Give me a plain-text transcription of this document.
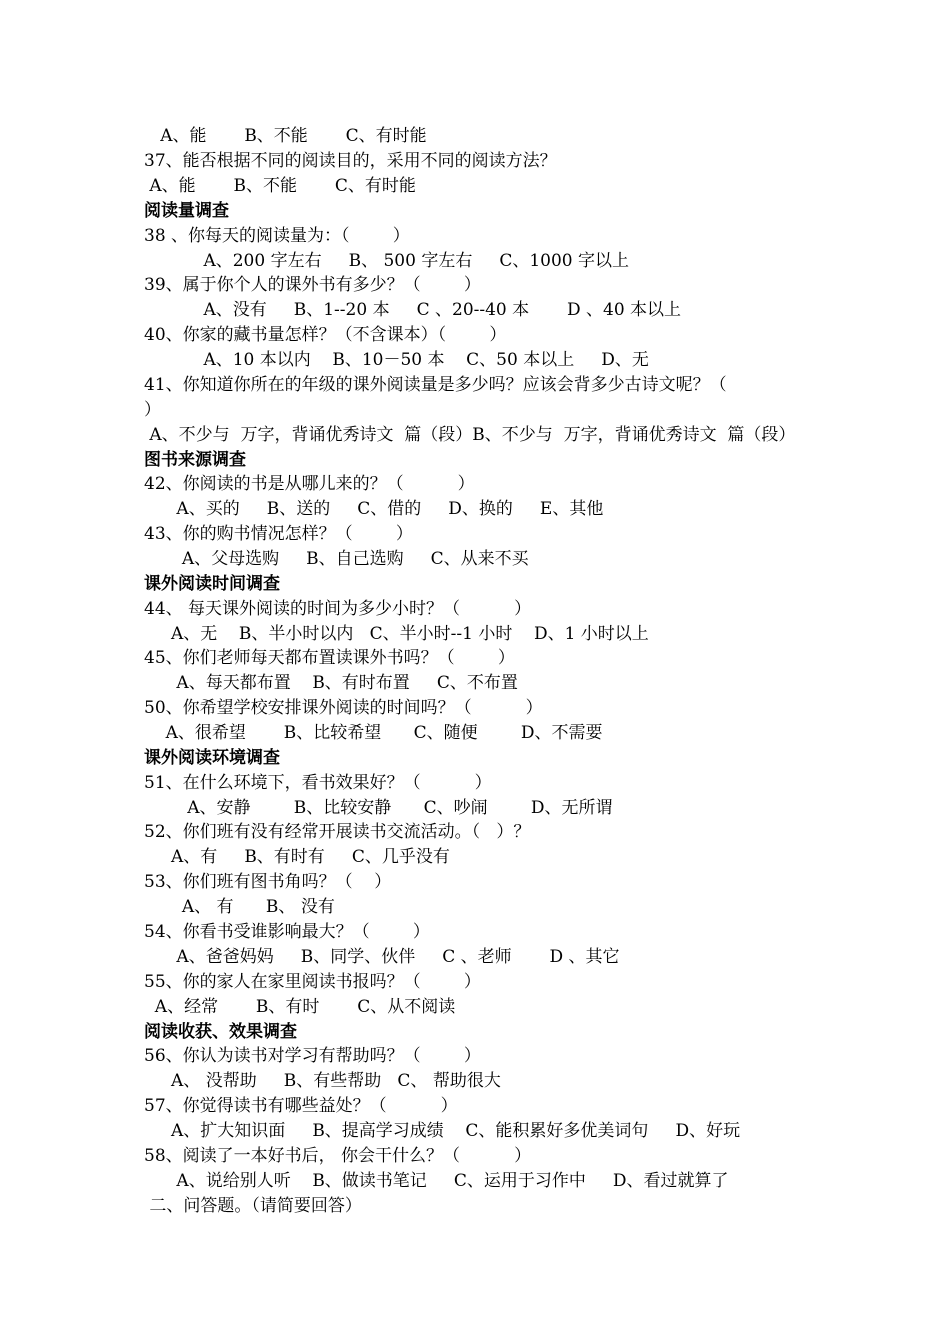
A、能       B、不能       C、有时能
37、能否根据不同的阅读目的，采用不同的阅读方法？
A、能       B、不能       C、有时能
阅读量调查
38 、你每天的阅读量为：（        ）
A、200 字左右     B、 500 字左右     C、1000 字以上
39、属于你个人的课外书有多少？（        ）
A、没有     B、1--20 本     C 、20--40 本       D 、40 本以上
40、你家的藏书量怎样？（不含课本）（        ）
A、10 本以内    B、10－50 本    C、50 本以上     D、无
41、你知道你所在的年级的课外阅读量是多少吗？应该会背多少古诗文呢？（
）
A、不少与  万字，背诵优秀诗文  篇（段）B、不少与  万字，背诵优秀诗文  篇（段）
图书来源调查
42、你阅读的书是从哪儿来的？（          ）
A、买的     B、送的     C、借的     D、换的     E、其他
43、你的购书情况怎样？（        ）
A、父母选购     B、自己选购     C、从来不买
课外阅读时间调查
44、 每天课外阅读的时间为多少小时？（          ）
A、无    B、半小时以内   C、半小时--1 小时    D、1 小时以上
45、你们老师每天都布置读课外书吗？（        ）
A、每天都布置    B、有时布置     C、不布置
50、你希望学校安排课外阅读的时间吗？（          ）
A、很希望       B、比较希望      C、随便        D、不需要
课外阅读环境调查
51、在什么环境下，看书效果好？（          ）
A、安静        B、比较安静      C、吵闹        D、无所谓
52、你们班有没有经常开展读书交流活动。（   ）？
A、有     B、有时有     C、几乎没有
53、你们班有图书角吗？（    ）
A、 有      B、 没有
54、你看书受谁影响最大？（        ）
A、爸爸妈妈     B、同学、伙伴     C 、老师       D 、其它
55、你的家人在家里阅读书报吗？（        ）
A、经常       B、有时       C、从不阅读
阅读收获、效果调查
56、你认为读书对学习有帮助吗？（        ）
A、 没帮助     B、有些帮助   C、 帮助很大
57、你觉得读书有哪些益处？（          ）
A、扩大知识面     B、提高学习成绩    C、能积累好多优美词句     D、好玩
58、阅读了一本好书后， 你会干什么？（          ）
A、说给别人听    B、做读书笔记     C、运用于习作中     D、看过就算了
二、问答题。（请简要回答）
